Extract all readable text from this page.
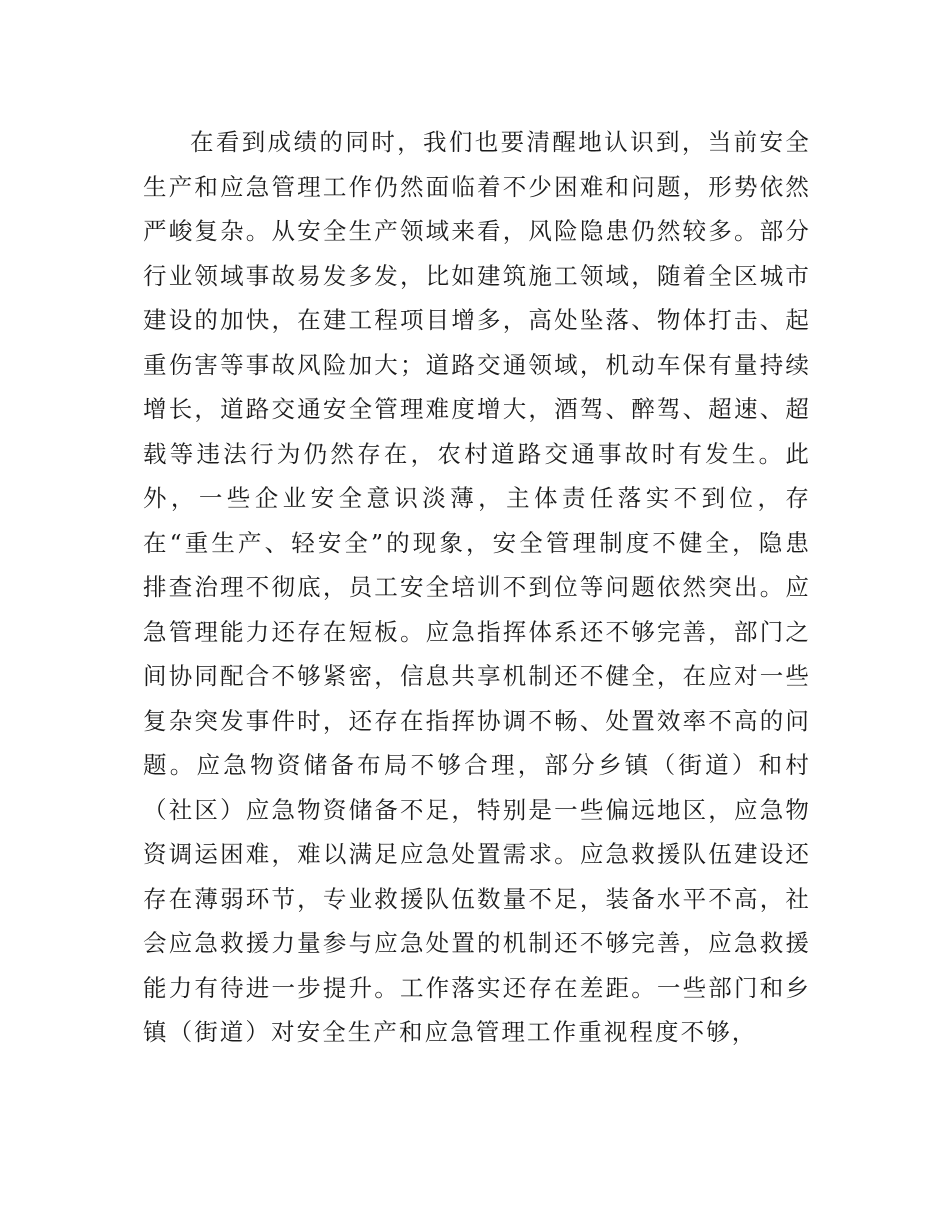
在看到成绩的同时，我们也要清醒地认识到，当前安全生产和应急管理工作仍然面临着不少困难和问题，形势依然严峻复杂。从安全生产领域来看，风险隐患仍然较多。部分行业领域事故易发多发，比如建筑施工领域，随着全区城市建设的加快，在建工程项目增多，高处坠落、物体打击、起重伤害等事故风险加大；道路交通领域，机动车保有量持续增长，道路交通安全管理难度增大，酒驾、醉驾、超速、超载等违法行为仍然存在，农村道路交通事故时有发生。此外，一些企业安全意识淡薄，主体责任落实不到位，存在“重生产、轻安全”的现象，安全管理制度不健全，隐患排查治理不彻底，员工安全培训不到位等问题依然突出。应急管理能力还存在短板。应急指挥体系还不够完善，部门之间协同配合不够紧密，信息共享机制还不健全，在应对一些复杂突发事件时，还存在指挥协调不畅、处置效率不高的问题。应急物资储备布局不够合理，部分乡镇（街道）和村（社区）应急物资储备不足，特别是一些偏远地区，应急物资调运困难，难以满足应急处置需求。应急救援队伍建设还存在薄弱环节，专业救援队伍数量不足，装备水平不高，社会应急救援力量参与应急处置的机制还不够完善，应急救援能力有待进一步提升。工作落实还存在差距。一些部门和乡镇（街道）对安全生产和应急管理工作重视程度不够，
